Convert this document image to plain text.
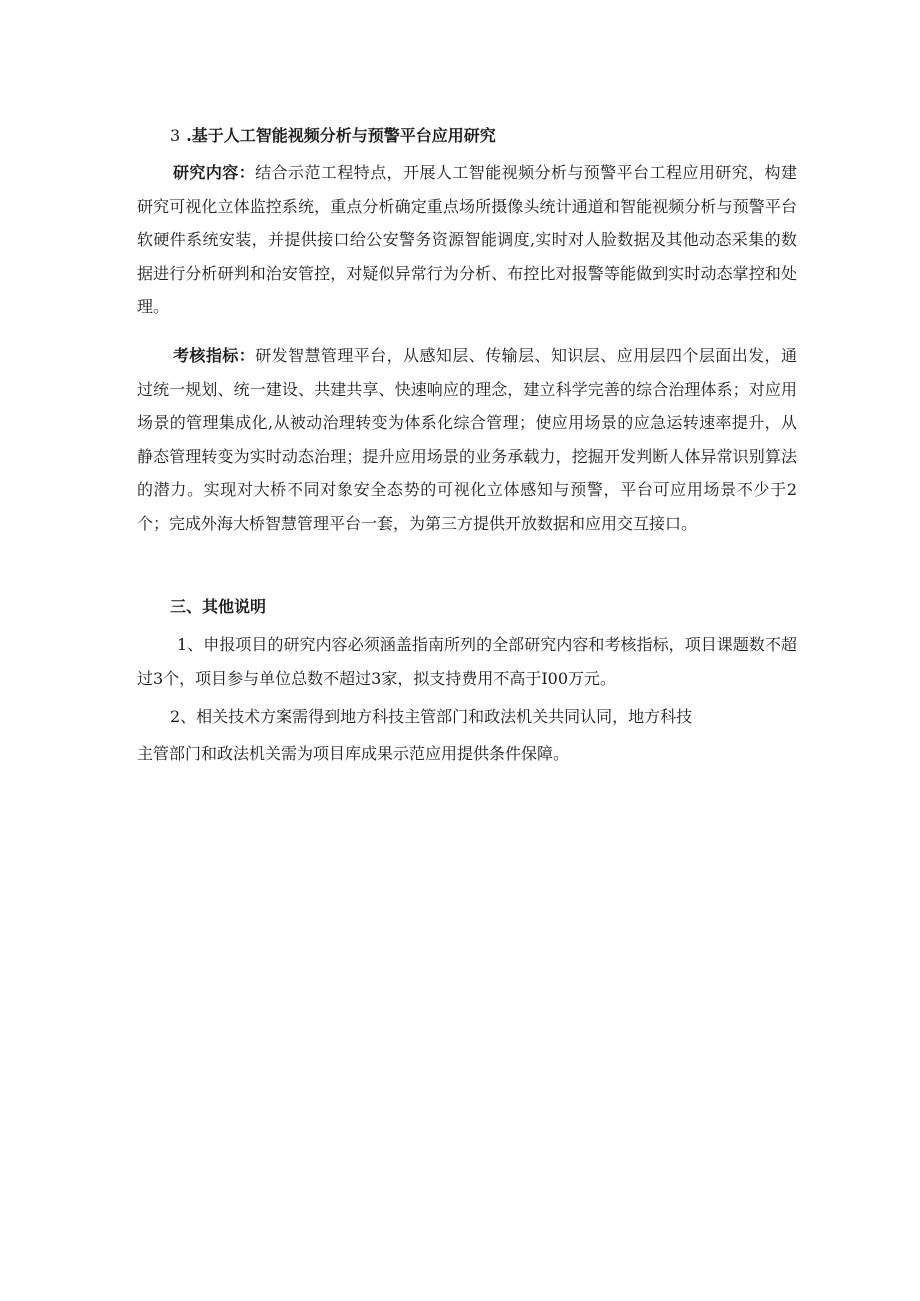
3 .基于人工智能视频分析与预警平台应用研究

研究内容：结合示范工程特点，开展人工智能视频分析与预警平台工程应用研究，构建研究可视化立体监控系统，重点分析确定重点场所摄像头统计通道和智能视频分析与预警平台软硬件系统安装，并提供接口给公安警务资源智能调度,实时对人脸数据及其他动态采集的数据进行分析研判和治安管控，对疑似异常行为分析、布控比对报警等能做到实时动态掌控和处理。

考核指标：研发智慧管理平台，从感知层、传输层、知识层、应用层四个层面出发，通过统一规划、统一建设、共建共享、快速响应的理念，建立科学完善的综合治理体系；对应用场景的管理集成化,从被动治理转变为体系化综合管理；使应用场景的应急运转速率提升，从静态管理转变为实时动态治理；提升应用场景的业务承载力，挖掘开发判断人体异常识别算法的潜力。实现对大桥不同对象安全态势的可视化立体感知与预警，平台可应用场景不少于2个；完成外海大桥智慧管理平台一套，为第三方提供开放数据和应用交互接口。

三、其他说明

1、申报项目的研究内容必须涵盖指南所列的全部研究内容和考核指标，项目课题数不超过3个，项目参与单位总数不超过3家，拟支持费用不高于I00万元。

2、相关技术方案需得到地方科技主管部门和政法机关共同认同，地方科技
主管部门和政法机关需为项目库成果示范应用提供条件保障。
